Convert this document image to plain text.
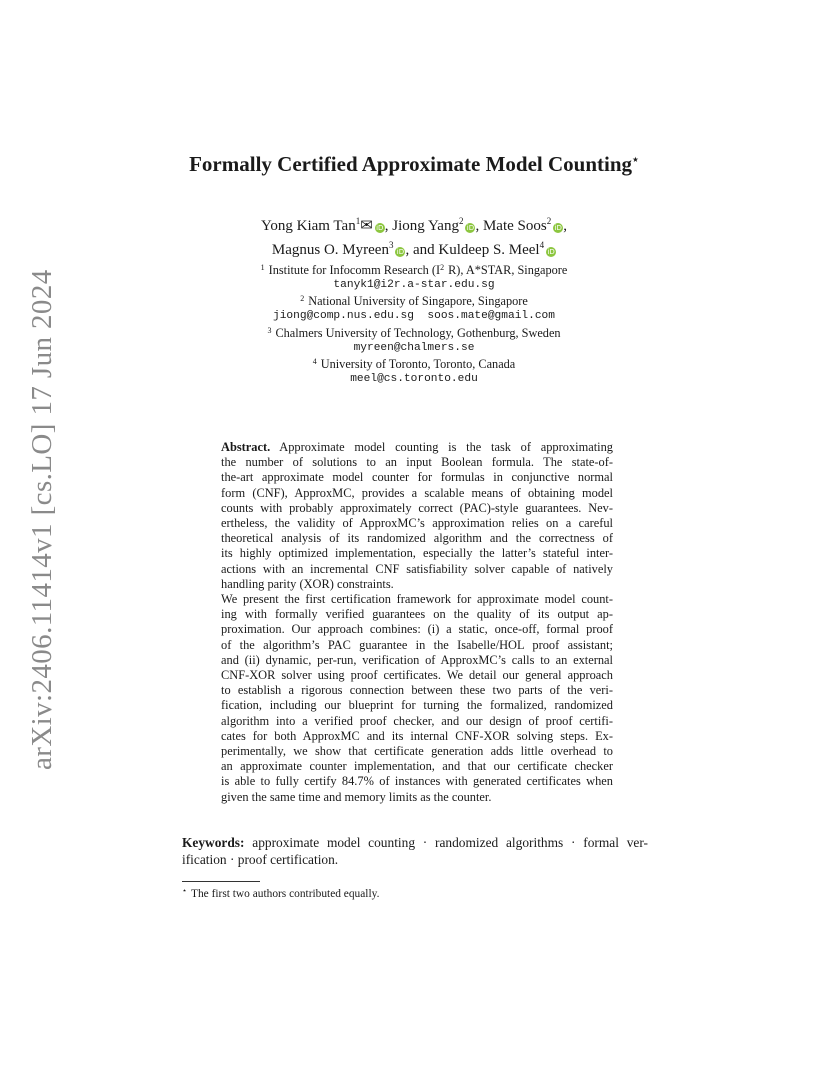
arXiv:2406.11414v1 [cs.LO] 17 Jun 2024
Formally Certified Approximate Model Counting⋆
Yong Kiam Tan$^1$✉ iD, Jiong Yang$^2$iD, Mate Soos$^2$iD,
Magnus O. Myreen$^3$iD, and Kuldeep S. Meel$^4$iD
$^1$ Institute for Infocomm Research ($I^2$ R), A*STAR, Singapore
tanyk1@i2r.a-star.edu.sg
$^2$ National University of Singapore, Singapore
jiong@comp.nus.edu.sg  soos.mate@gmail.com
$^3$ Chalmers University of Technology, Gothenburg, Sweden
myreen@chalmers.se
$^4$ University of Toronto, Toronto, Canada
meel@cs.toronto.edu

Abstract. Approximate model counting is the task of approximating
the number of solutions to an input Boolean formula. The state-of-
the-art approximate model counter for formulas in conjunctive normal
form (CNF), ApproxMC, provides a scalable means of obtaining model
counts with probably approximately correct (PAC)-style guarantees. Nev-
ertheless, the validity of ApproxMC’s approximation relies on a careful
theoretical analysis of its randomized algorithm and the correctness of
its highly optimized implementation, especially the latter’s stateful inter-
actions with an incremental CNF satisfiability solver capable of natively
handling parity (XOR) constraints.

We present the first certification framework for approximate model count-
ing with formally verified guarantees on the quality of its output ap-
proximation. Our approach combines: (i) a static, once-off, formal proof
of the algorithm’s PAC guarantee in the Isabelle/HOL proof assistant;
and (ii) dynamic, per-run, verification of ApproxMC’s calls to an external
CNF-XOR solver using proof certificates. We detail our general approach
to establish a rigorous connection between these two parts of the veri-
fication, including our blueprint for turning the formalized, randomized
algorithm into a verified proof checker, and our design of proof certifi-
cates for both ApproxMC and its internal CNF-XOR solving steps. Ex-
perimentally, we show that certificate generation adds little overhead to
an approximate counter implementation, and that our certificate checker
is able to fully certify 84.7% of instances with generated certificates when
given the same time and memory limits as the counter.

Keywords: approximate model counting · randomized algorithms · formal ver-
ification · proof certification.
⋆ The first two authors contributed equally.
